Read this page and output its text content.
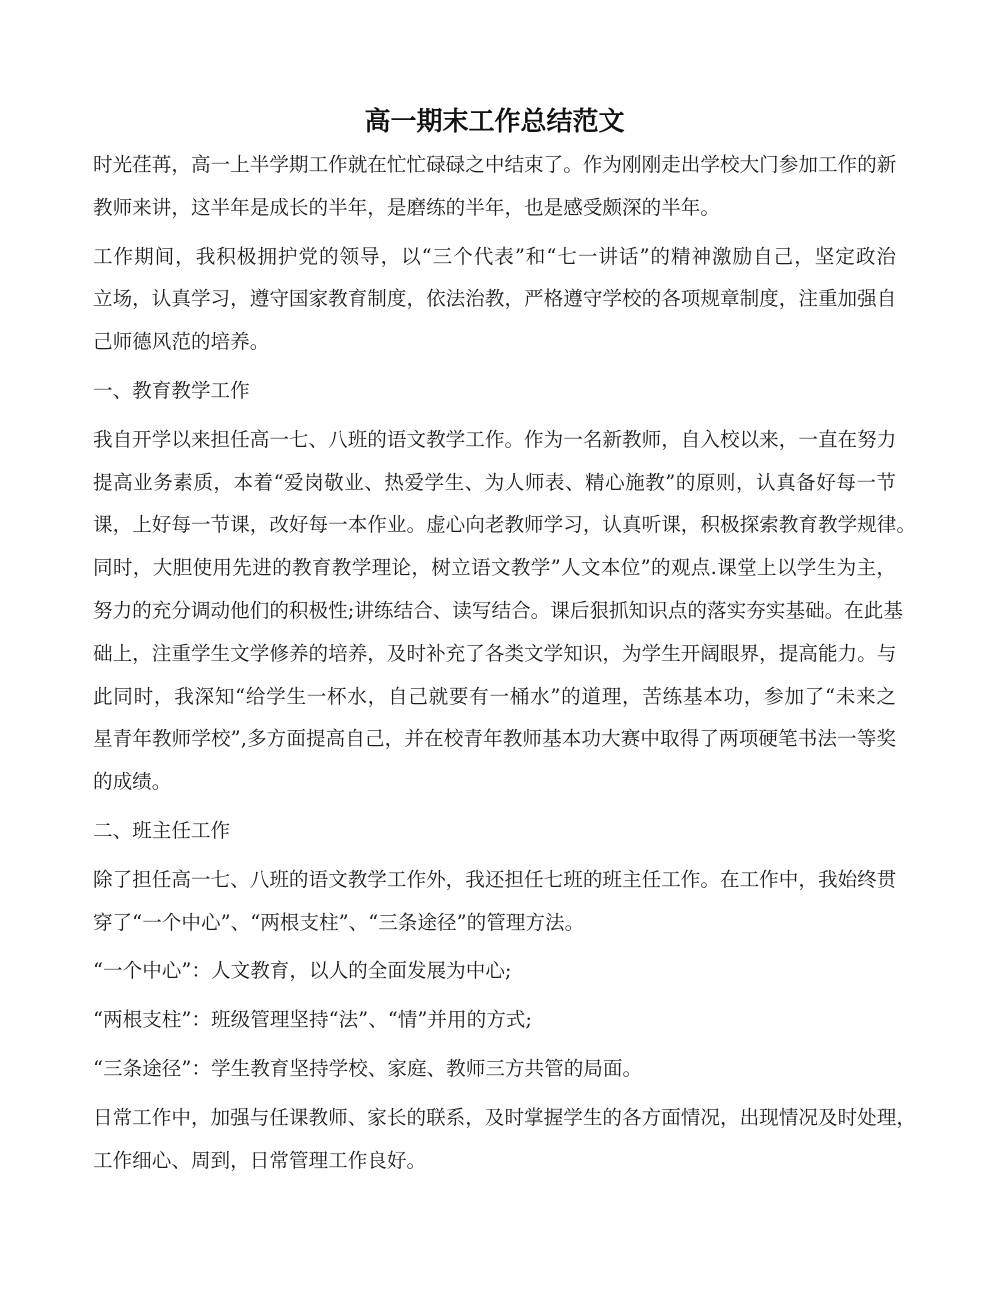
高一期末工作总结范文
时光荏苒，高一上半学期工作就在忙忙碌碌之中结束了。作为刚刚走出学校大门参加工作的新
教师来讲，这半年是成长的半年，是磨练的半年，也是感受颇深的半年。
工作期间，我积极拥护党的领导，以“三个代表”和“七一讲话”的精神激励自己，坚定政治
立场，认真学习，遵守国家教育制度，依法治教，严格遵守学校的各项规章制度，注重加强自
己师德风范的培养。
一、教育教学工作
我自开学以来担任高一七、八班的语文教学工作。作为一名新教师，自入校以来，一直在努力
提高业务素质，本着“爱岗敬业、热爱学生、为人师表、精心施教”的原则，认真备好每一节
课，上好每一节课，改好每一本作业。虚心向老教师学习，认真听课，积极探索教育教学规律。
同时，大胆使用先进的教育教学理论，树立语文教学”人文本位”的观点.课堂上以学生为主，
努力的充分调动他们的积极性;讲练结合、读写结合。课后狠抓知识点的落实夯实基础。在此基
础上，注重学生文学修养的培养，及时补充了各类文学知识，为学生开阔眼界，提高能力。与
此同时，我深知“给学生一杯水，自己就要有一桶水”的道理，苦练基本功，参加了“未来之
星青年教师学校”,多方面提高自己，并在校青年教师基本功大赛中取得了两项硬笔书法一等奖
的成绩。
二、班主任工作
除了担任高一七、八班的语文教学工作外，我还担任七班的班主任工作。在工作中，我始终贯
穿了“一个中心”、“两根支柱”、“三条途径”的管理方法。
“一个中心”：人文教育，以人的全面发展为中心;
“两根支柱”：班级管理坚持“法”、“情”并用的方式;
“三条途径”：学生教育坚持学校、家庭、教师三方共管的局面。
日常工作中，加强与任课教师、家长的联系，及时掌握学生的各方面情况，出现情况及时处理，
工作细心、周到，日常管理工作良好。
